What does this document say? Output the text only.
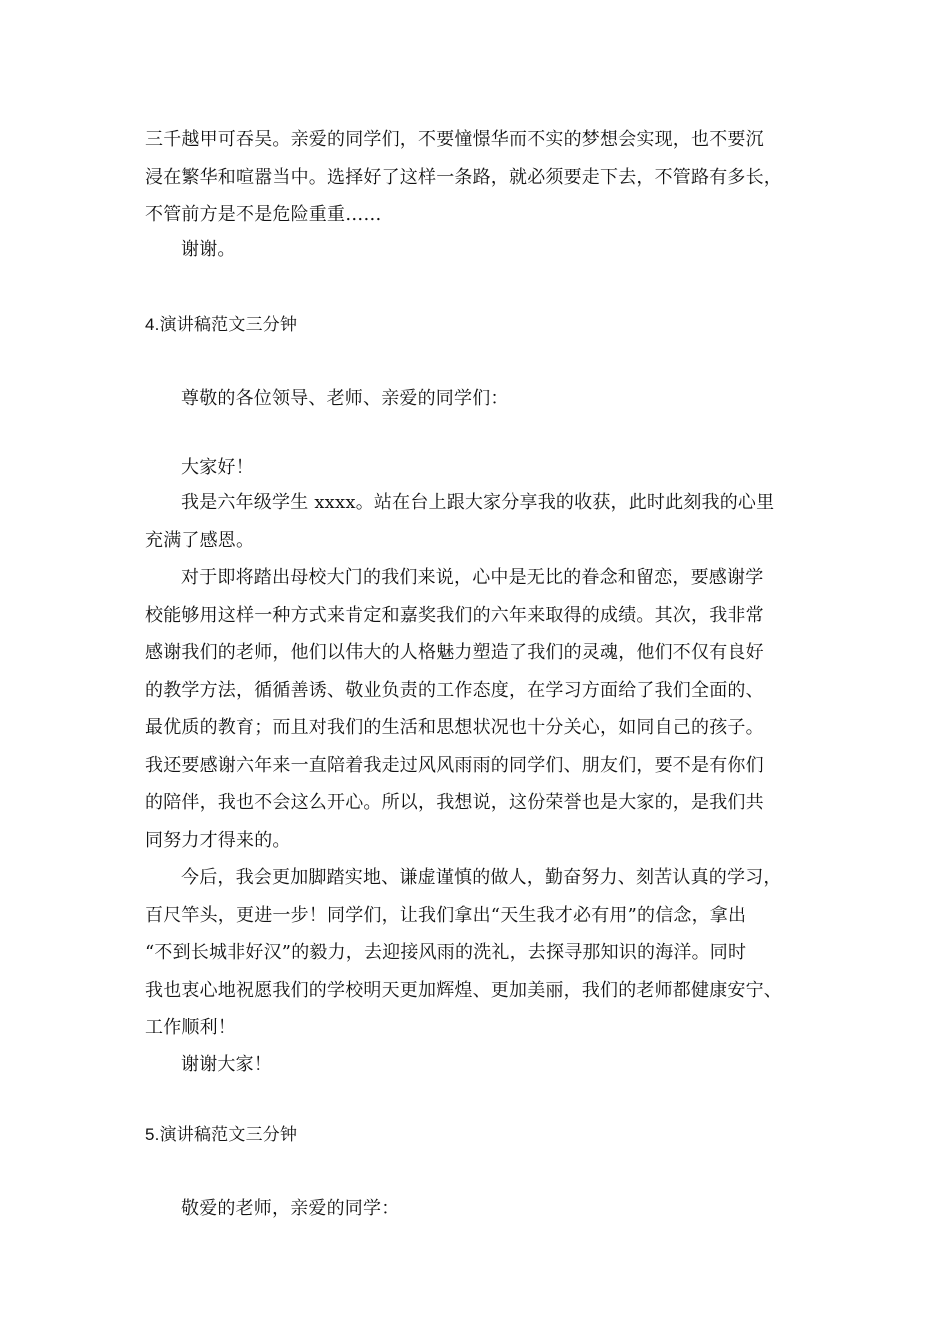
三千越甲可吞吴。亲爱的同学们，不要憧憬华而不实的梦想会实现，也不要沉
浸在繁华和喧嚣当中。选择好了这样一条路，就必须要走下去，不管路有多长，
不管前方是不是危险重重……
谢谢。
4.演讲稿范文三分钟
尊敬的各位领导、老师、亲爱的同学们：
大家好！
我是六年级学生 xxxx。站在台上跟大家分享我的收获，此时此刻我的心里
充满了感恩。
对于即将踏出母校大门的我们来说，心中是无比的眷念和留恋，要感谢学
校能够用这样一种方式来肯定和嘉奖我们的六年来取得的成绩。其次，我非常
感谢我们的老师，他们以伟大的人格魅力塑造了我们的灵魂，他们不仅有良好
的教学方法，循循善诱、敬业负责的工作态度，在学习方面给了我们全面的、
最优质的教育；而且对我们的生活和思想状况也十分关心，如同自己的孩子。
我还要感谢六年来一直陪着我走过风风雨雨的同学们、朋友们，要不是有你们
的陪伴，我也不会这么开心。所以，我想说，这份荣誉也是大家的，是我们共
同努力才得来的。
今后，我会更加脚踏实地、谦虚谨慎的做人，勤奋努力、刻苦认真的学习，
百尺竿头，更进一步！同学们，让我们拿出“天生我才必有用”的信念，拿出
“不到长城非好汉”的毅力，去迎接风雨的洗礼，去探寻那知识的海洋。同时
我也衷心地祝愿我们的学校明天更加辉煌、更加美丽，我们的老师都健康安宁、
工作顺利！
谢谢大家！
5.演讲稿范文三分钟
敬爱的老师，亲爱的同学：
